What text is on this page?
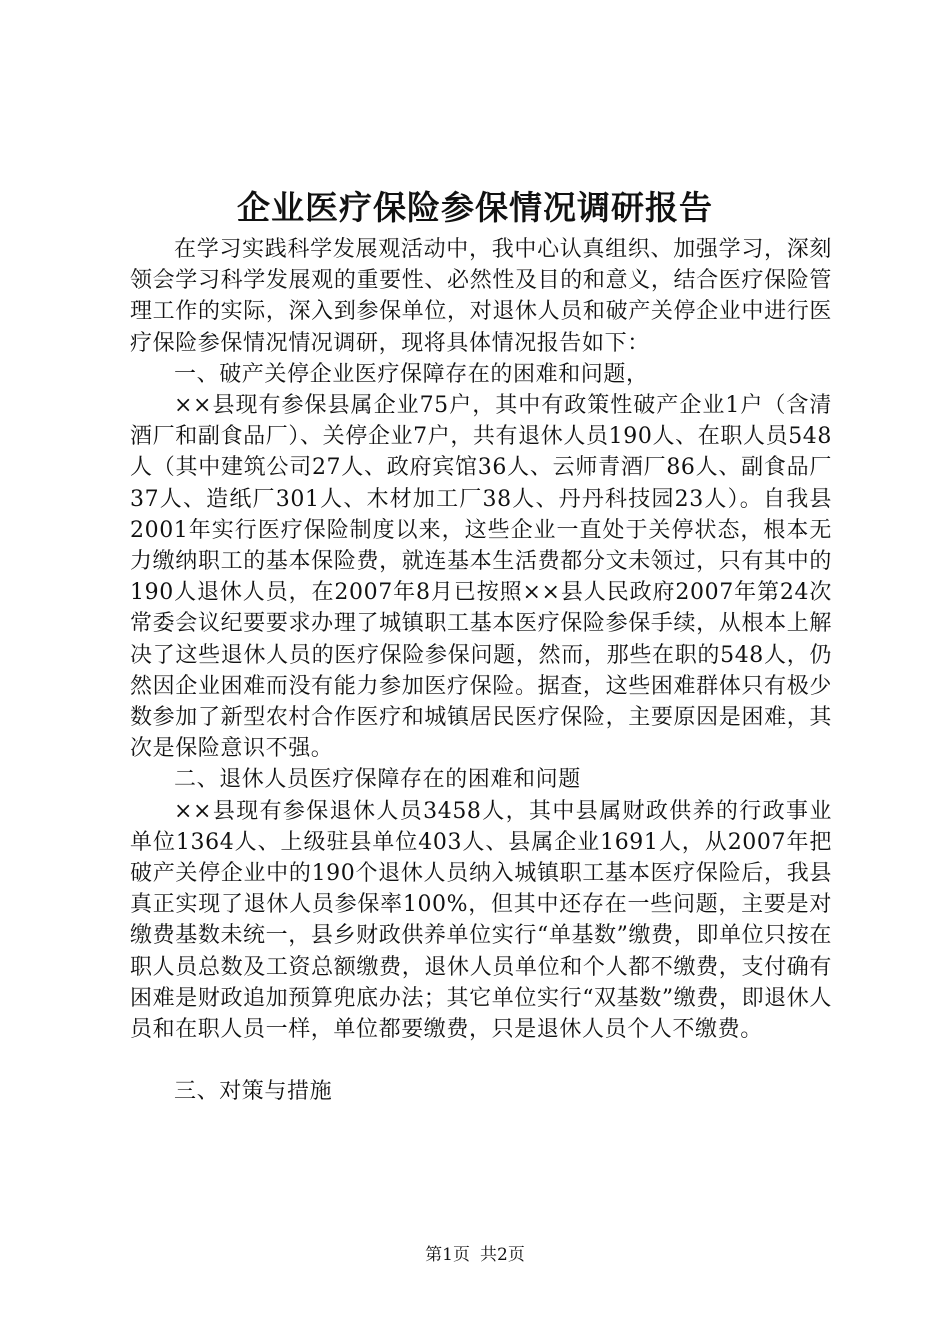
企业医疗保险参保情况调研报告

在学习实践科学发展观活动中，我中心认真组织、加强学习，深刻领会学习科学发展观的重要性、必然性及目的和意义，结合医疗保险管理工作的实际，深入到参保单位，对退休人员和破产关停企业中进行医疗保险参保情况情况调研，现将具体情况报告如下：

一、破产关停企业医疗保障存在的困难和问题，

××县现有参保县属企业75户，其中有政策性破产企业1户（含清酒厂和副食品厂）、关停企业7户，共有退休人员190人、在职人员548人（其中建筑公司27人、政府宾馆36人、云师青酒厂86人、副食品厂37人、造纸厂301人、木材加工厂38人、丹丹科技园23人）。自我县2001年实行医疗保险制度以来，这些企业一直处于关停状态，根本无力缴纳职工的基本保险费，就连基本生活费都分文未领过，只有其中的190人退休人员，在2007年8月已按照××县人民政府2007年第24次常委会议纪要要求办理了城镇职工基本医疗保险参保手续，从根本上解决了这些退休人员的医疗保险参保问题，然而，那些在职的548人，仍然因企业困难而没有能力参加医疗保险。据查，这些困难群体只有极少数参加了新型农村合作医疗和城镇居民医疗保险，主要原因是困难，其次是保险意识不强。

二、退休人员医疗保障存在的困难和问题

××县现有参保退休人员3458人，其中县属财政供养的行政事业单位1364人、上级驻县单位403人、县属企业1691人，从2007年把破产关停企业中的190个退休人员纳入城镇职工基本医疗保险后，我县真正实现了退休人员参保率100%，但其中还存在一些问题，主要是对缴费基数未统一，县乡财政供养单位实行“单基数”缴费，即单位只按在职人员总数及工资总额缴费，退休人员单位和个人都不缴费，支付确有困难是财政追加预算兜底办法；其它单位实行“双基数”缴费，即退休人员和在职人员一样，单位都要缴费，只是退休人员个人不缴费。

三、对策与措施

第1页 共2页
